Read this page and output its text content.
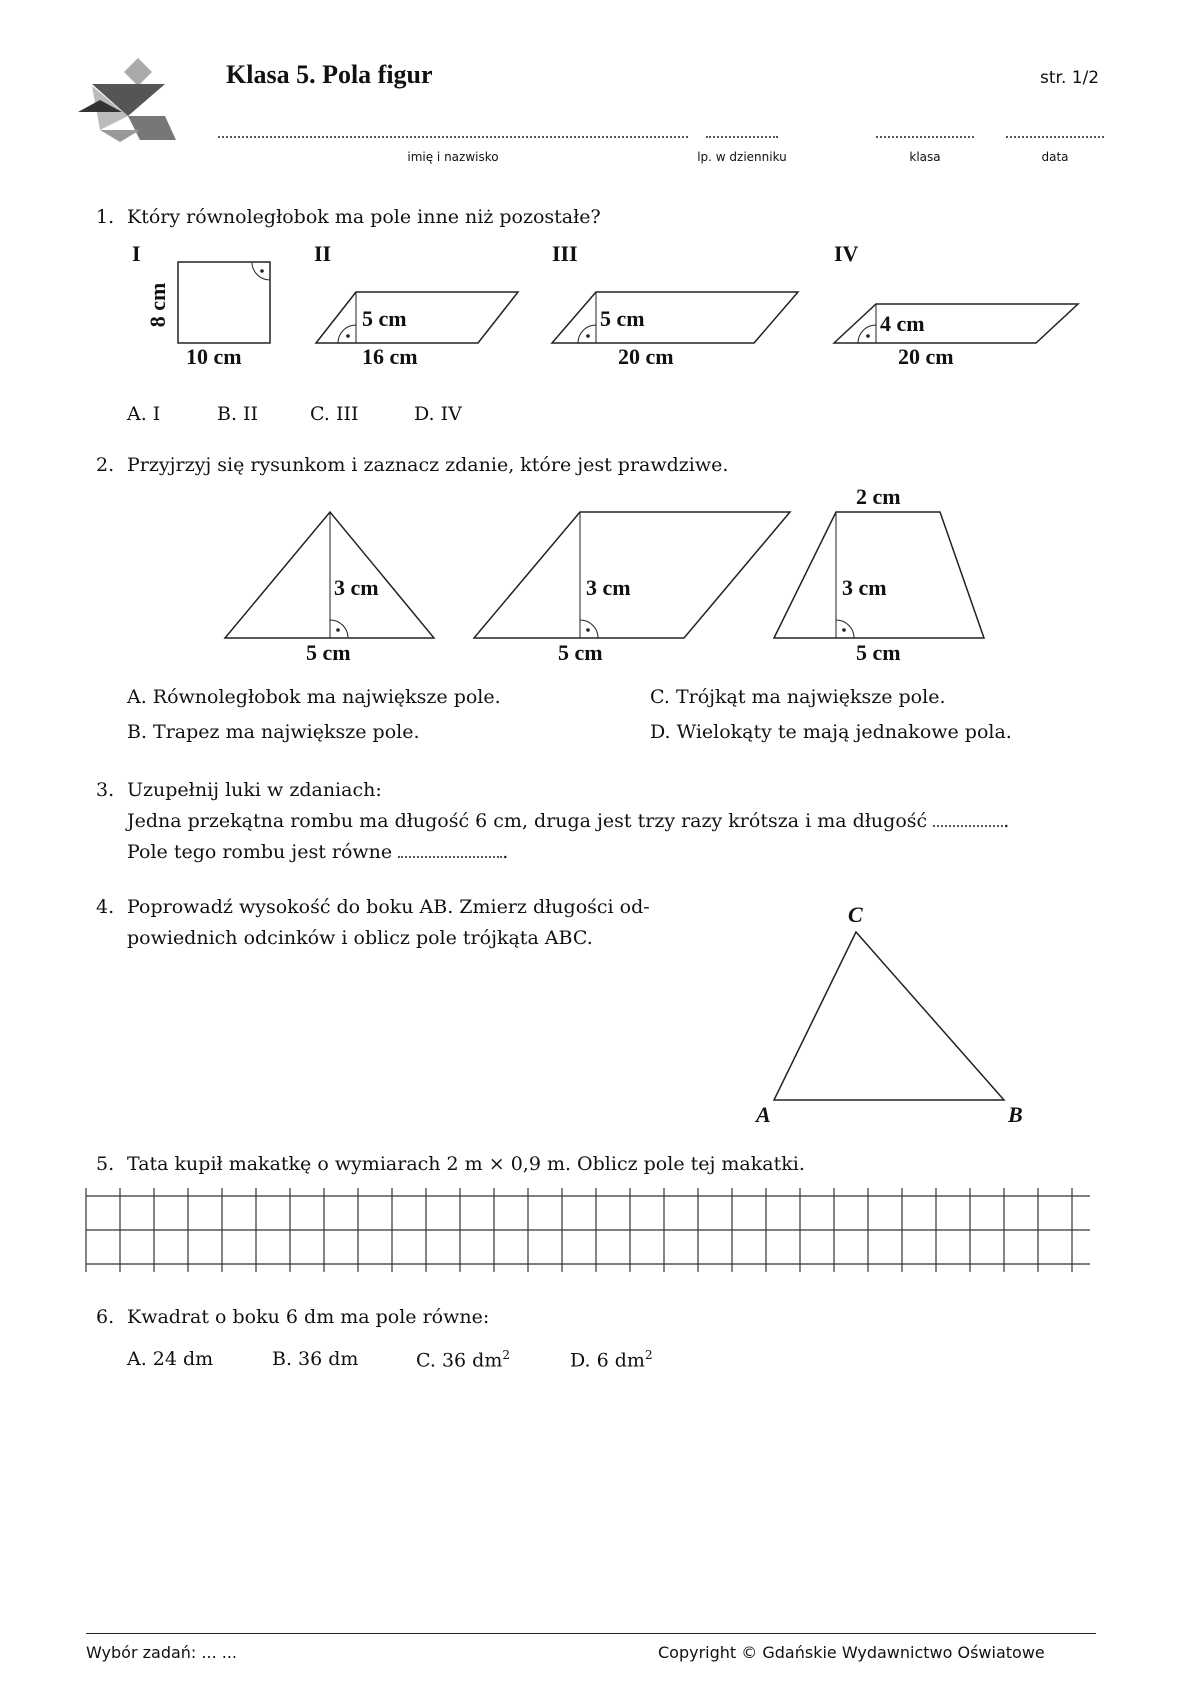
Klasa 5. Pola figur	str. 1/2
imię i nazwisko	lp. w dzienniku	klasa	data
1. Który równoległobok ma pole inne niż pozostałe?
I	II	III	IV
8 cm
10 cm
5 cm
16 cm
5 cm
20 cm
4 cm
20 cm
A. I	B. II	C. III	D. IV
2. Przyjrzyj się rysunkom i zaznacz zdanie, które jest prawdziwe.
3 cm
5 cm
3 cm
5 cm
2 cm
3 cm
5 cm
A. Równoległobok ma największe pole.
B. Trapez ma największe pole.
C. Trójkąt ma największe pole.
D. Wielokąty te mają jednakowe pola.
3. Uzupełnij luki w zdaniach:
Jedna przekątna rombu ma długość 6 cm, druga jest trzy razy krótsza i ma długość	.
Pole tego rombu jest równe	.
4. Poprowadź wysokość do boku AB. Zmierz długości od-
powiednich odcinków i oblicz pole trójkąta ABC.
A	B
C
5. Tata kupił makatkę o wymiarach 2 m × 0,9 m. Oblicz pole tej makatki.
6. Kwadrat o boku 6 dm ma pole równe:
A. 24 dm	B. 36 dm	C. 36 $dm^2$	D. 6 $dm^2$
Wybór zadań: ... ...	Copyright © Gdańskie Wydawnictwo Oświatowe
